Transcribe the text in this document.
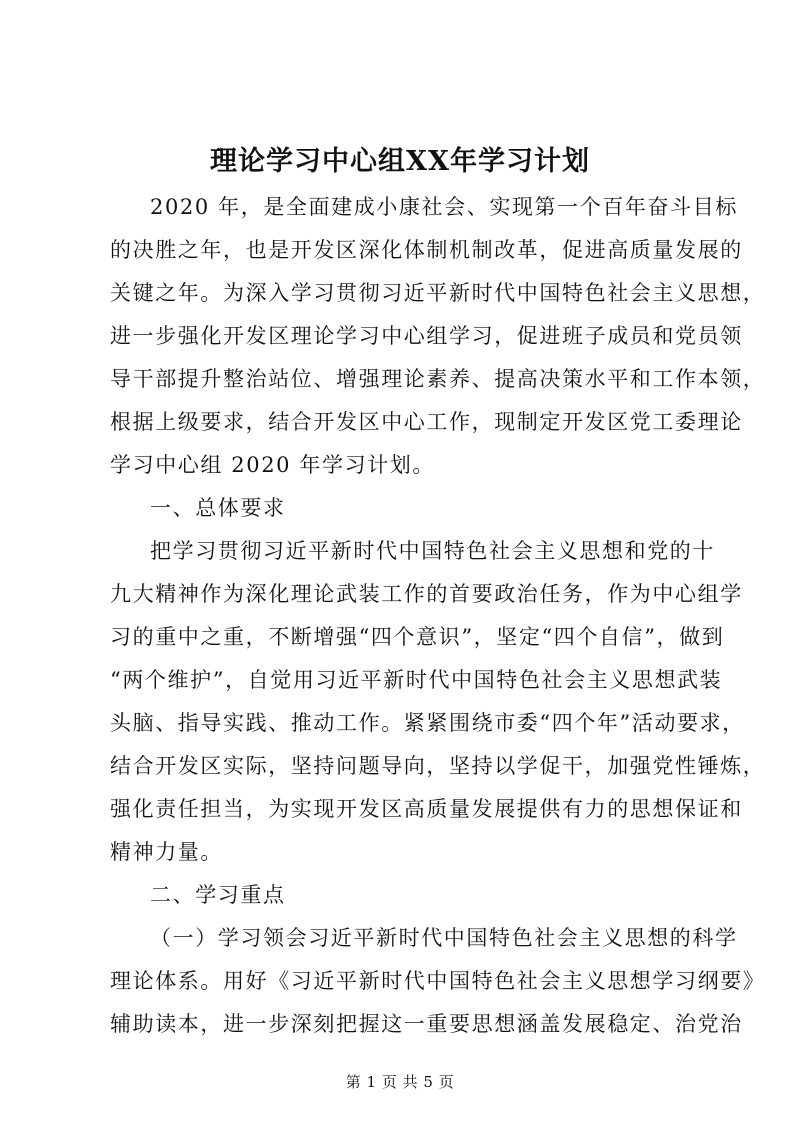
理论学习中心组XX年学习计划
2020 年，是全面建成小康社会、实现第一个百年奋斗目标
的决胜之年，也是开发区深化体制机制改革，促进高质量发展的
关键之年。为深入学习贯彻习近平新时代中国特色社会主义思想，
进一步强化开发区理论学习中心组学习，促进班子成员和党员领
导干部提升整治站位、增强理论素养、提高决策水平和工作本领，
根据上级要求，结合开发区中心工作，现制定开发区党工委理论
学习中心组 2020 年学习计划。
一、总体要求
把学习贯彻习近平新时代中国特色社会主义思想和党的十
九大精神作为深化理论武装工作的首要政治任务，作为中心组学
习的重中之重，不断增强“四个意识”，坚定“四个自信”，做到
“两个维护”，自觉用习近平新时代中国特色社会主义思想武装
头脑、指导实践、推动工作。紧紧围绕市委“四个年”活动要求，
结合开发区实际，坚持问题导向，坚持以学促干，加强党性锤炼，
强化责任担当，为实现开发区高质量发展提供有力的思想保证和
精神力量。
二、学习重点
（一）学习领会习近平新时代中国特色社会主义思想的科学
理论体系。用好《习近平新时代中国特色社会主义思想学习纲要》
辅助读本，进一步深刻把握这一重要思想涵盖发展稳定、治党治
第 1 页 共 5 页
